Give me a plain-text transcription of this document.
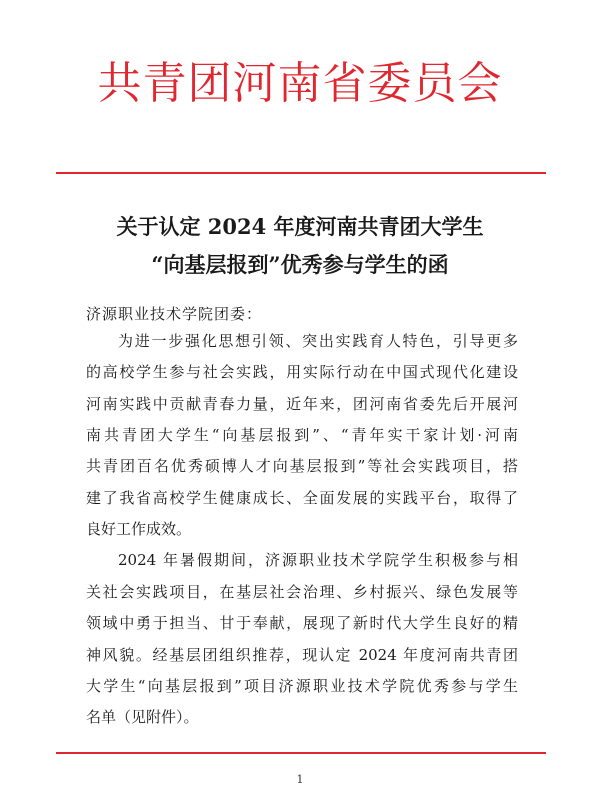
共青团河南省委员会
关于认定 2024 年度河南共青团大学生
“向基层报到”优秀参与学生的函
济源职业技术学院团委：
为进一步强化思想引领、突出实践育人特色，引导更多
的高校学生参与社会实践，用实际行动在中国式现代化建设
河南实践中贡献青春力量，近年来，团河南省委先后开展河
南共青团大学生“向基层报到”、“青年实干家计划·河南
共青团百名优秀硕博人才向基层报到”等社会实践项目，搭
建了我省高校学生健康成长、全面发展的实践平台，取得了
良好工作成效。
2024 年暑假期间，济源职业技术学院学生积极参与相
关社会实践项目，在基层社会治理、乡村振兴、绿色发展等
领域中勇于担当、甘于奉献，展现了新时代大学生良好的精
神风貌。经基层团组织推荐，现认定 2024 年度河南共青团
大学生“向基层报到”项目济源职业技术学院优秀参与学生
名单（见附件）。
1
